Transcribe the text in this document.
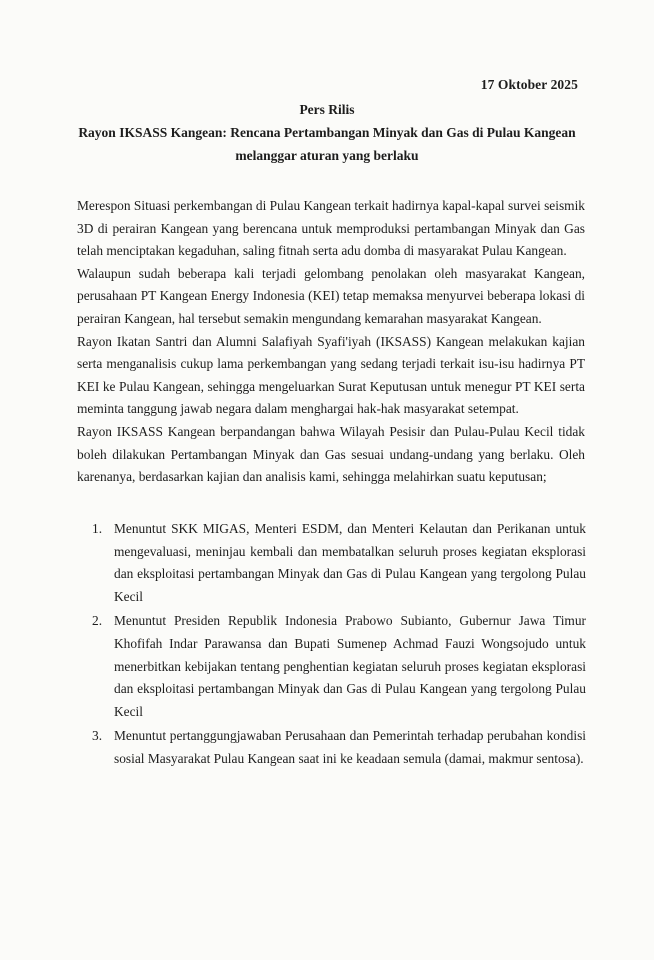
17 Oktober 2025
Pers Rilis
Rayon IKSASS Kangean: Rencana Pertambangan Minyak dan Gas di Pulau Kangean
melanggar aturan yang berlaku

Merespon Situasi perkembangan di Pulau Kangean terkait hadirnya kapal-kapal survei seismik 3D di perairan Kangean yang berencana untuk memproduksi pertambangan Minyak dan Gas telah menciptakan kegaduhan, saling fitnah serta adu domba di masyarakat Pulau Kangean.

Walaupun sudah beberapa kali terjadi gelombang penolakan oleh masyarakat Kangean, perusahaan PT Kangean Energy Indonesia (KEI) tetap memaksa menyurvei beberapa lokasi di perairan Kangean, hal tersebut semakin mengundang kemarahan masyarakat Kangean.

Rayon Ikatan Santri dan Alumni Salafiyah Syafi'iyah (IKSASS) Kangean melakukan kajian serta menganalisis cukup lama perkembangan yang sedang terjadi terkait isu-isu hadirnya PT KEI ke Pulau Kangean, sehingga mengeluarkan Surat Keputusan untuk menegur PT KEI serta meminta tanggung jawab negara dalam menghargai hak-hak masyarakat setempat.

Rayon IKSASS Kangean berpandangan bahwa Wilayah Pesisir dan Pulau-Pulau Kecil tidak boleh dilakukan Pertambangan Minyak dan Gas sesuai undang-undang yang berlaku. Oleh karenanya, berdasarkan kajian dan analisis kami, sehingga melahirkan suatu keputusan;

1. Menuntut SKK MIGAS, Menteri ESDM, dan Menteri Kelautan dan Perikanan untuk mengevaluasi, meninjau kembali dan membatalkan seluruh proses kegiatan eksplorasi dan eksploitasi pertambangan Minyak dan Gas di Pulau Kangean yang tergolong Pulau Kecil
2. Menuntut Presiden Republik Indonesia Prabowo Subianto, Gubernur Jawa Timur Khofifah Indar Parawansa dan Bupati Sumenep Achmad Fauzi Wongsojudo untuk menerbitkan kebijakan tentang penghentian kegiatan seluruh proses kegiatan eksplorasi dan eksploitasi pertambangan Minyak dan Gas di Pulau Kangean yang tergolong Pulau Kecil
3. Menuntut pertanggungjawaban Perusahaan dan Pemerintah terhadap perubahan kondisi sosial Masyarakat Pulau Kangean saat ini ke keadaan semula (damai, makmur sentosa).
